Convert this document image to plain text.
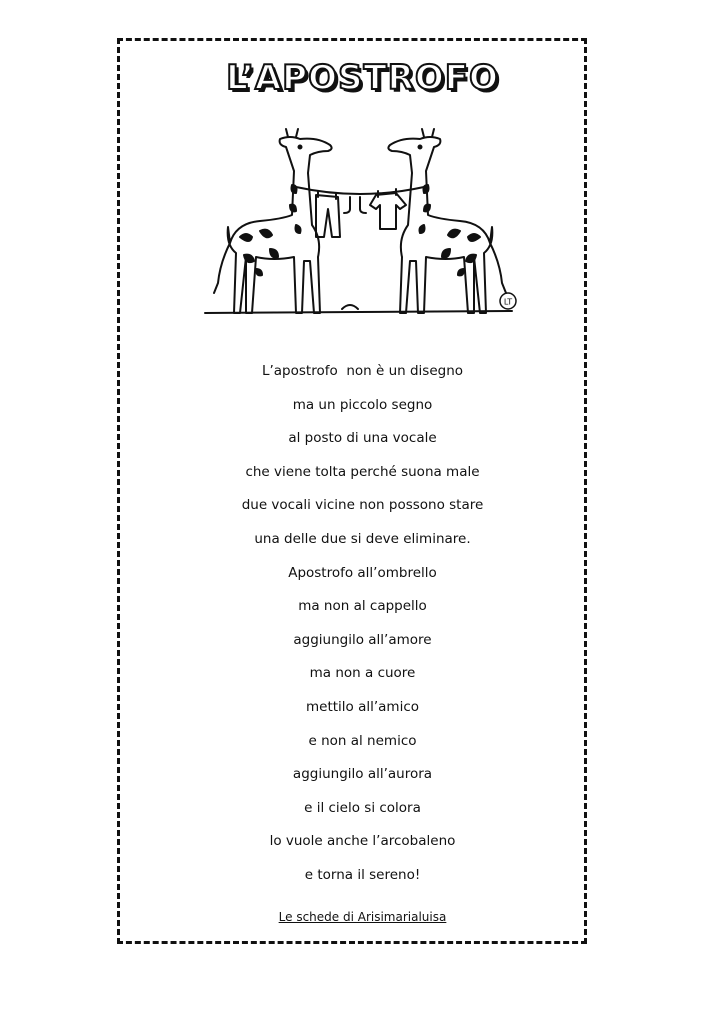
L’APOSTROFO
LT
L’apostrofo  non è un disegno
ma un piccolo segno
al posto di una vocale
che viene tolta perché suona male
due vocali vicine non possono stare
una delle due si deve eliminare.
Apostrofo all’ombrello
ma non al cappello
aggiungilo all’amore
ma non a cuore
mettilo all’amico
e non al nemico
aggiungilo all’aurora
e il cielo si colora
lo vuole anche l’arcobaleno
e torna il sereno!
Le schede di Arisimarialuisa
